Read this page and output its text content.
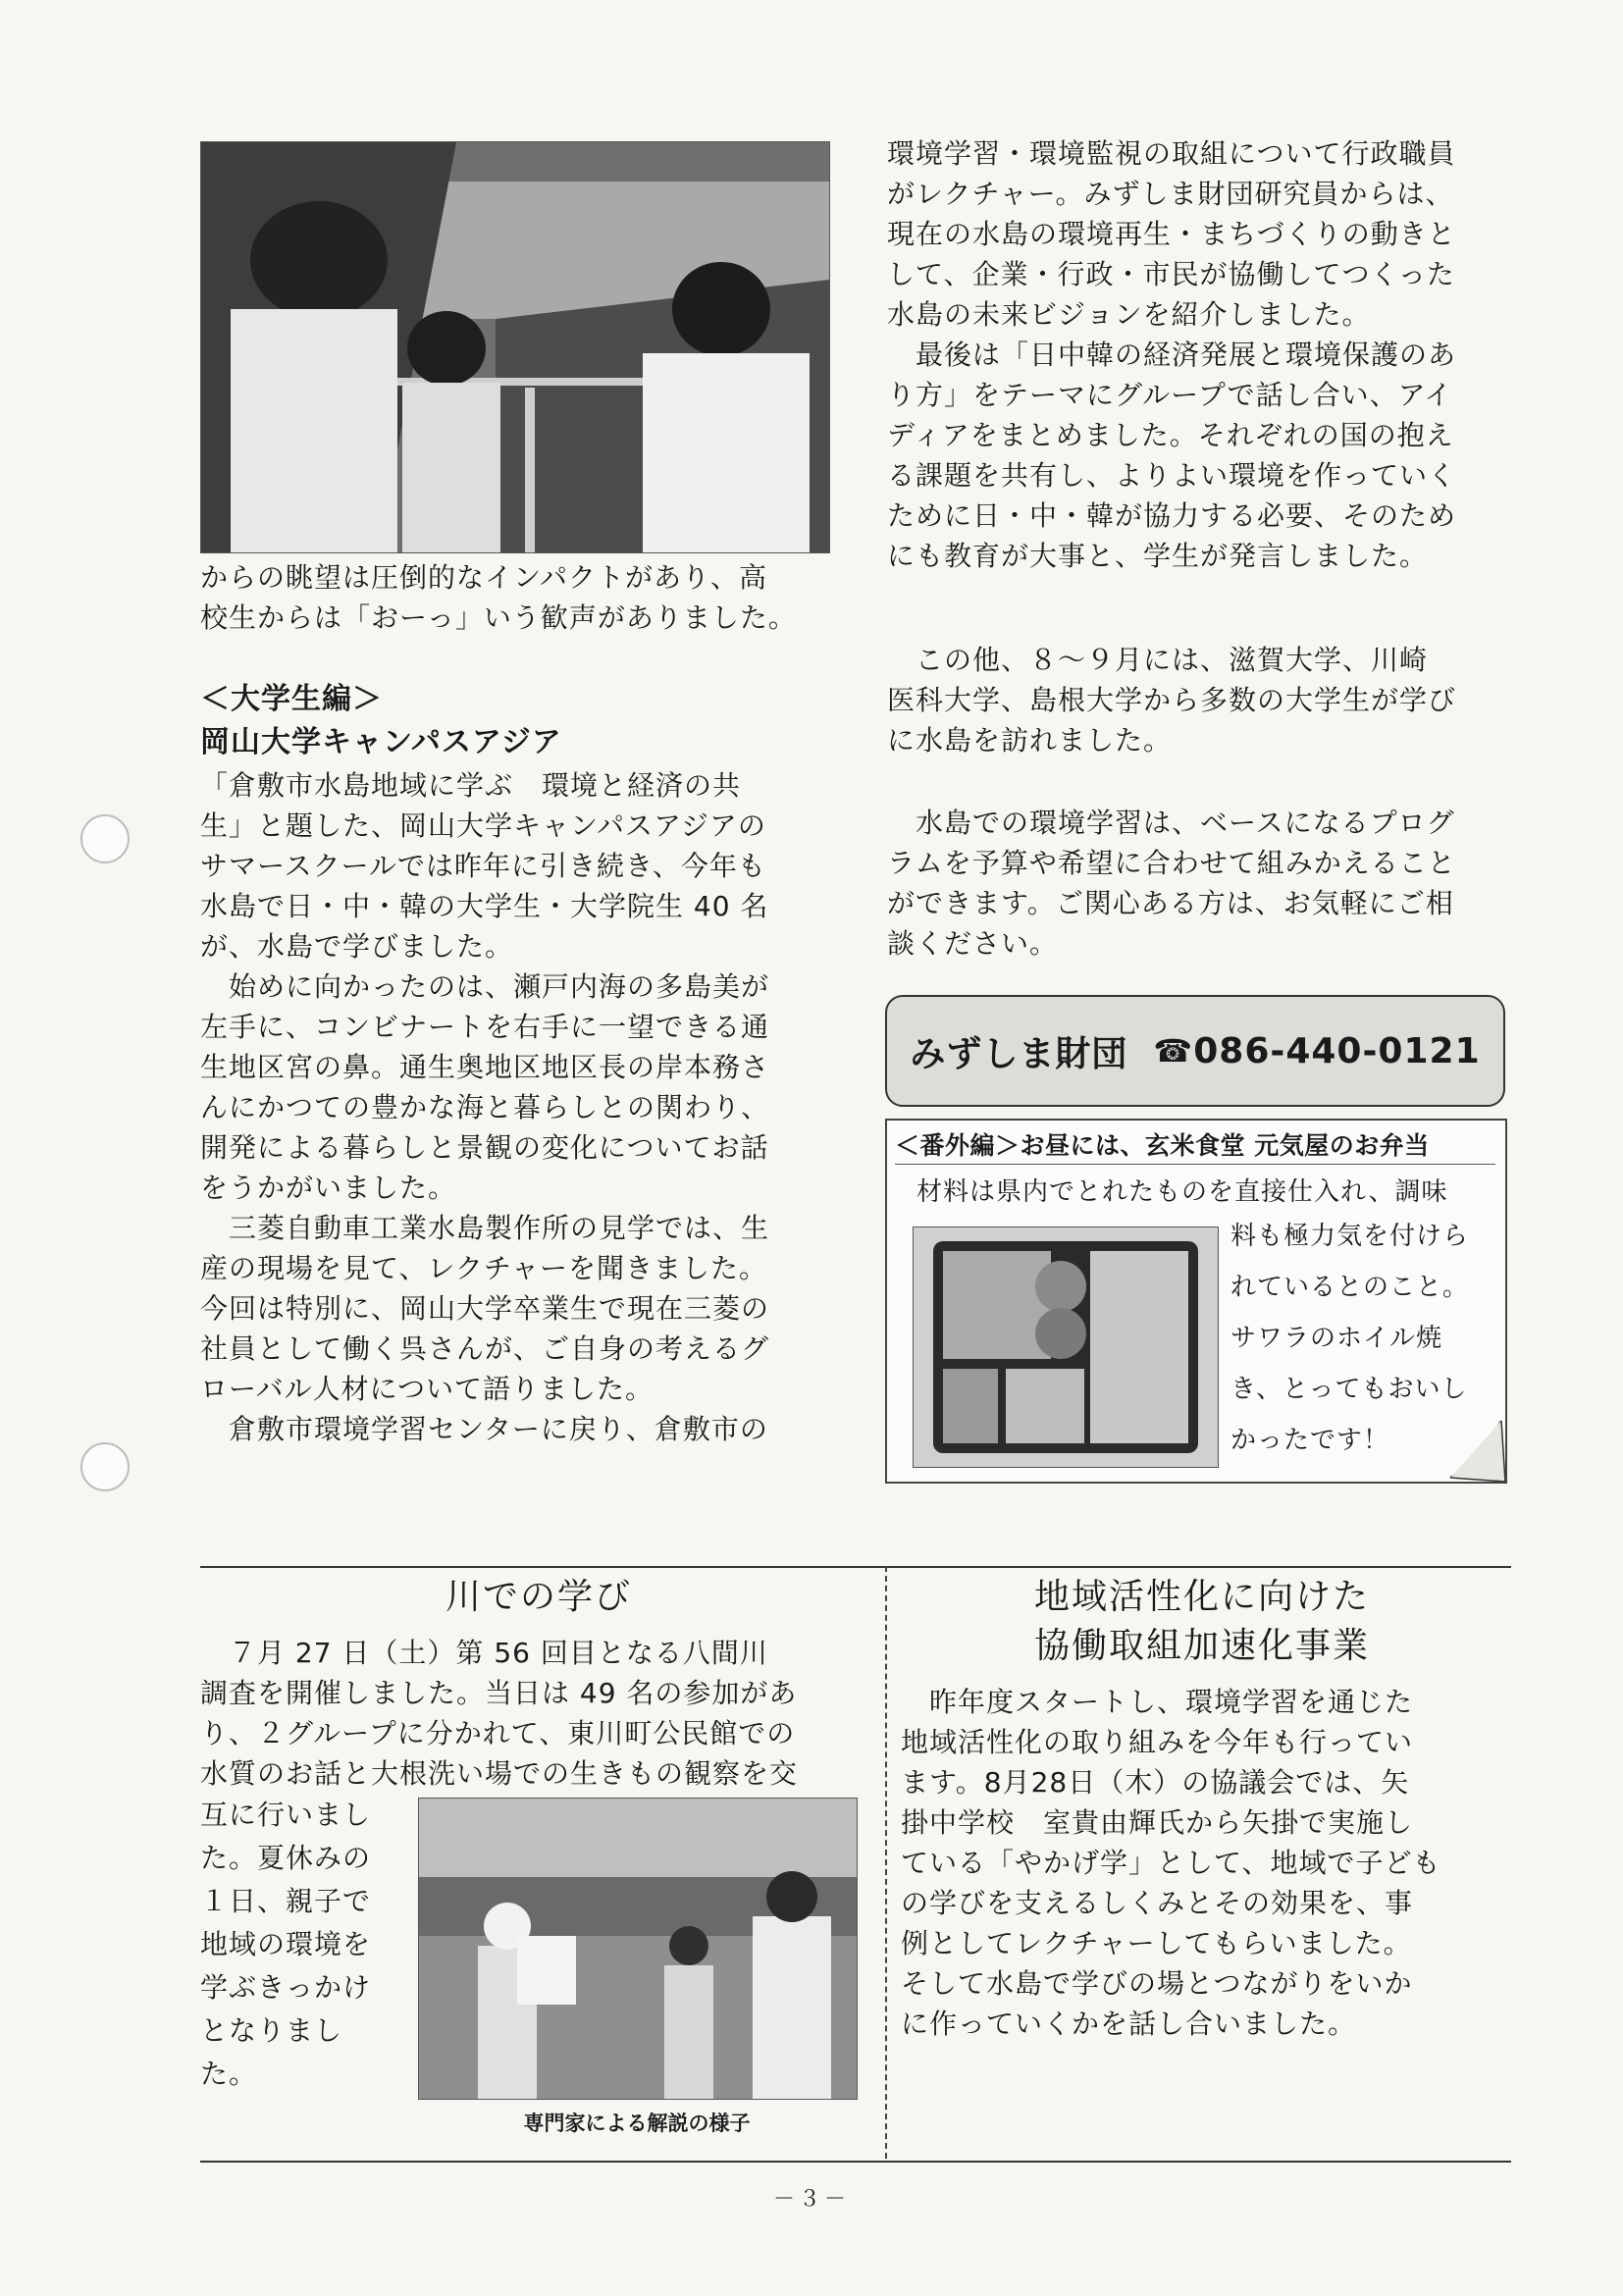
からの眺望は圧倒的なインパクトがあり、高
校生からは「おーっ」いう歓声がありました。
＜大学生編＞
岡山大学キャンパスアジア
「倉敷市水島地域に学ぶ　環境と経済の共
生」と題した、岡山大学キャンパスアジアの
サマースクールでは昨年に引き続き、今年も
水島で日・中・韓の大学生・大学院生 40 名
が、水島で学びました。
　始めに向かったのは、瀬戸内海の多島美が
左手に、コンビナートを右手に一望できる通
生地区宮の鼻。通生奥地区地区長の岸本務さ
んにかつての豊かな海と暮らしとの関わり、
開発による暮らしと景観の変化についてお話
をうかがいました。
　三菱自動車工業水島製作所の見学では、生
産の現場を見て、レクチャーを聞きました。
今回は特別に、岡山大学卒業生で現在三菱の
社員として働く呉さんが、ご自身の考えるグ
ローバル人材について語りました。
　倉敷市環境学習センターに戻り、倉敷市の
環境学習・環境監視の取組について行政職員
がレクチャー。みずしま財団研究員からは、
現在の水島の環境再生・まちづくりの動きと
して、企業・行政・市民が協働してつくった
水島の未来ビジョンを紹介しました。
　最後は「日中韓の経済発展と環境保護のあ
り方」をテーマにグループで話し合い、アイ
ディアをまとめました。それぞれの国の抱え
る課題を共有し、よりよい環境を作っていく
ために日・中・韓が協力する必要、そのため
にも教育が大事と、学生が発言しました。
　この他、８～９月には、滋賀大学、川崎
医科大学、島根大学から多数の大学生が学び
に水島を訪れました。
　水島での環境学習は、ベースになるプログ
ラムを予算や希望に合わせて組みかえること
ができます。ご関心ある方は、お気軽にご相
談ください。
みずしま財団 ☎ 086-440-0121
＜番外編＞お昼には、玄米食堂 元気屋のお弁当
材料は県内でとれたものを直接仕入れ、調味
料も極力気を付けら
れているとのこと。
サワラのホイル焼
き、とってもおいし
かったです！
川での学び
　７月 27 日（土）第 56 回目となる八間川
調査を開催しました。当日は 49 名の参加があ
り、２グループに分かれて、東川町公民館での
水質のお話と大根洗い場での生きもの観察を交
互に行いまし
た。夏休みの
１日、親子で
地域の環境を
学ぶきっかけ
となりまし
た。
専門家による解説の様子
地域活性化に向けた
協働取組加速化事業
　昨年度スタートし、環境学習を通じた
地域活性化の取り組みを今年も行ってい
ます。8月28日（木）の協議会では、矢
掛中学校　室貴由輝氏から矢掛で実施し
ている「やかげ学」として、地域で子ども
の学びを支えるしくみとその効果を、事
例としてレクチャーしてもらいました。
そして水島で学びの場とつながりをいか
に作っていくかを話し合いました。
－３－
